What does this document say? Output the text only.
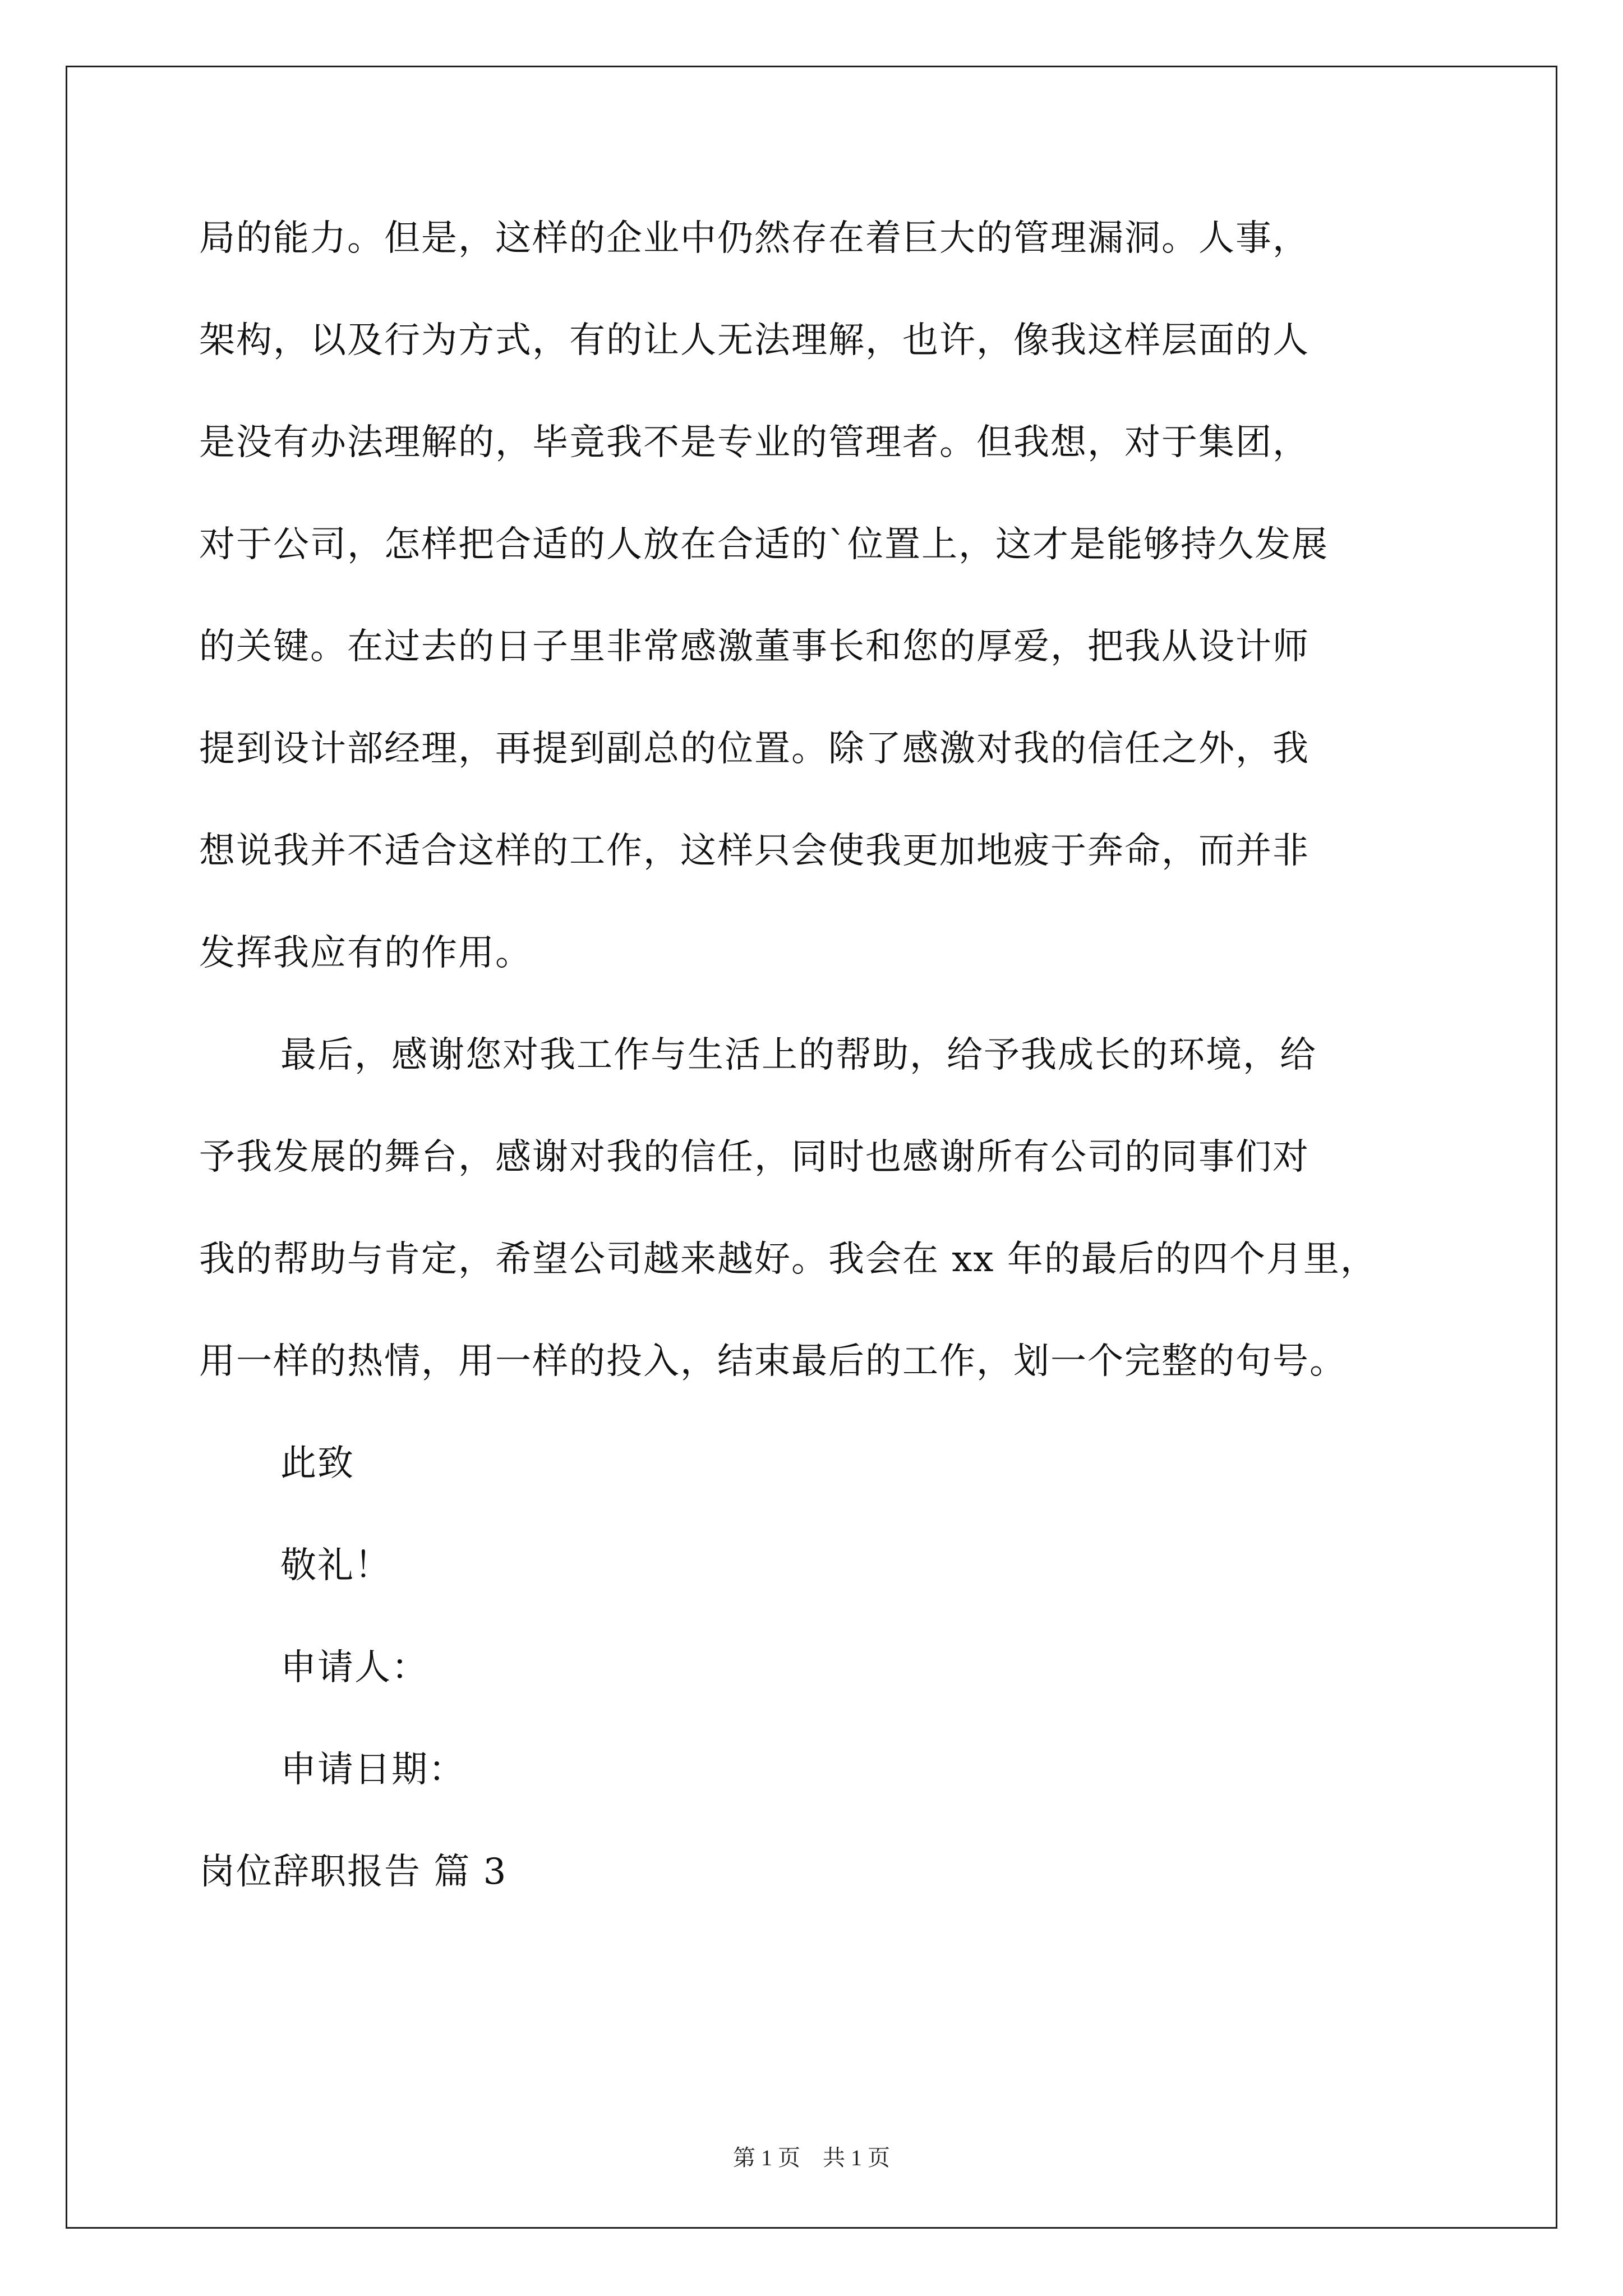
局的能力。但是，这样的企业中仍然存在着巨大的管理漏洞。人事，
架构，以及行为方式，有的让人无法理解，也许，像我这样层面的人
是没有办法理解的，毕竟我不是专业的管理者。但我想，对于集团，
对于公司，怎样把合适的人放在合适的`位置上，这才是能够持久发展
的关键。在过去的日子里非常感激董事长和您的厚爱，把我从设计师
提到设计部经理，再提到副总的位置。除了感激对我的信任之外，我
想说我并不适合这样的工作，这样只会使我更加地疲于奔命，而并非
发挥我应有的作用。
最后，感谢您对我工作与生活上的帮助，给予我成长的环境，给
予我发展的舞台，感谢对我的信任，同时也感谢所有公司的同事们对
我的帮助与肯定，希望公司越来越好。我会在 xx 年的最后的四个月里，
用一样的热情，用一样的投入，结束最后的工作，划一个完整的句号。
此致
敬礼！
申请人：
申请日期：
岗位辞职报告 篇 3
第 1 页　共 1 页
